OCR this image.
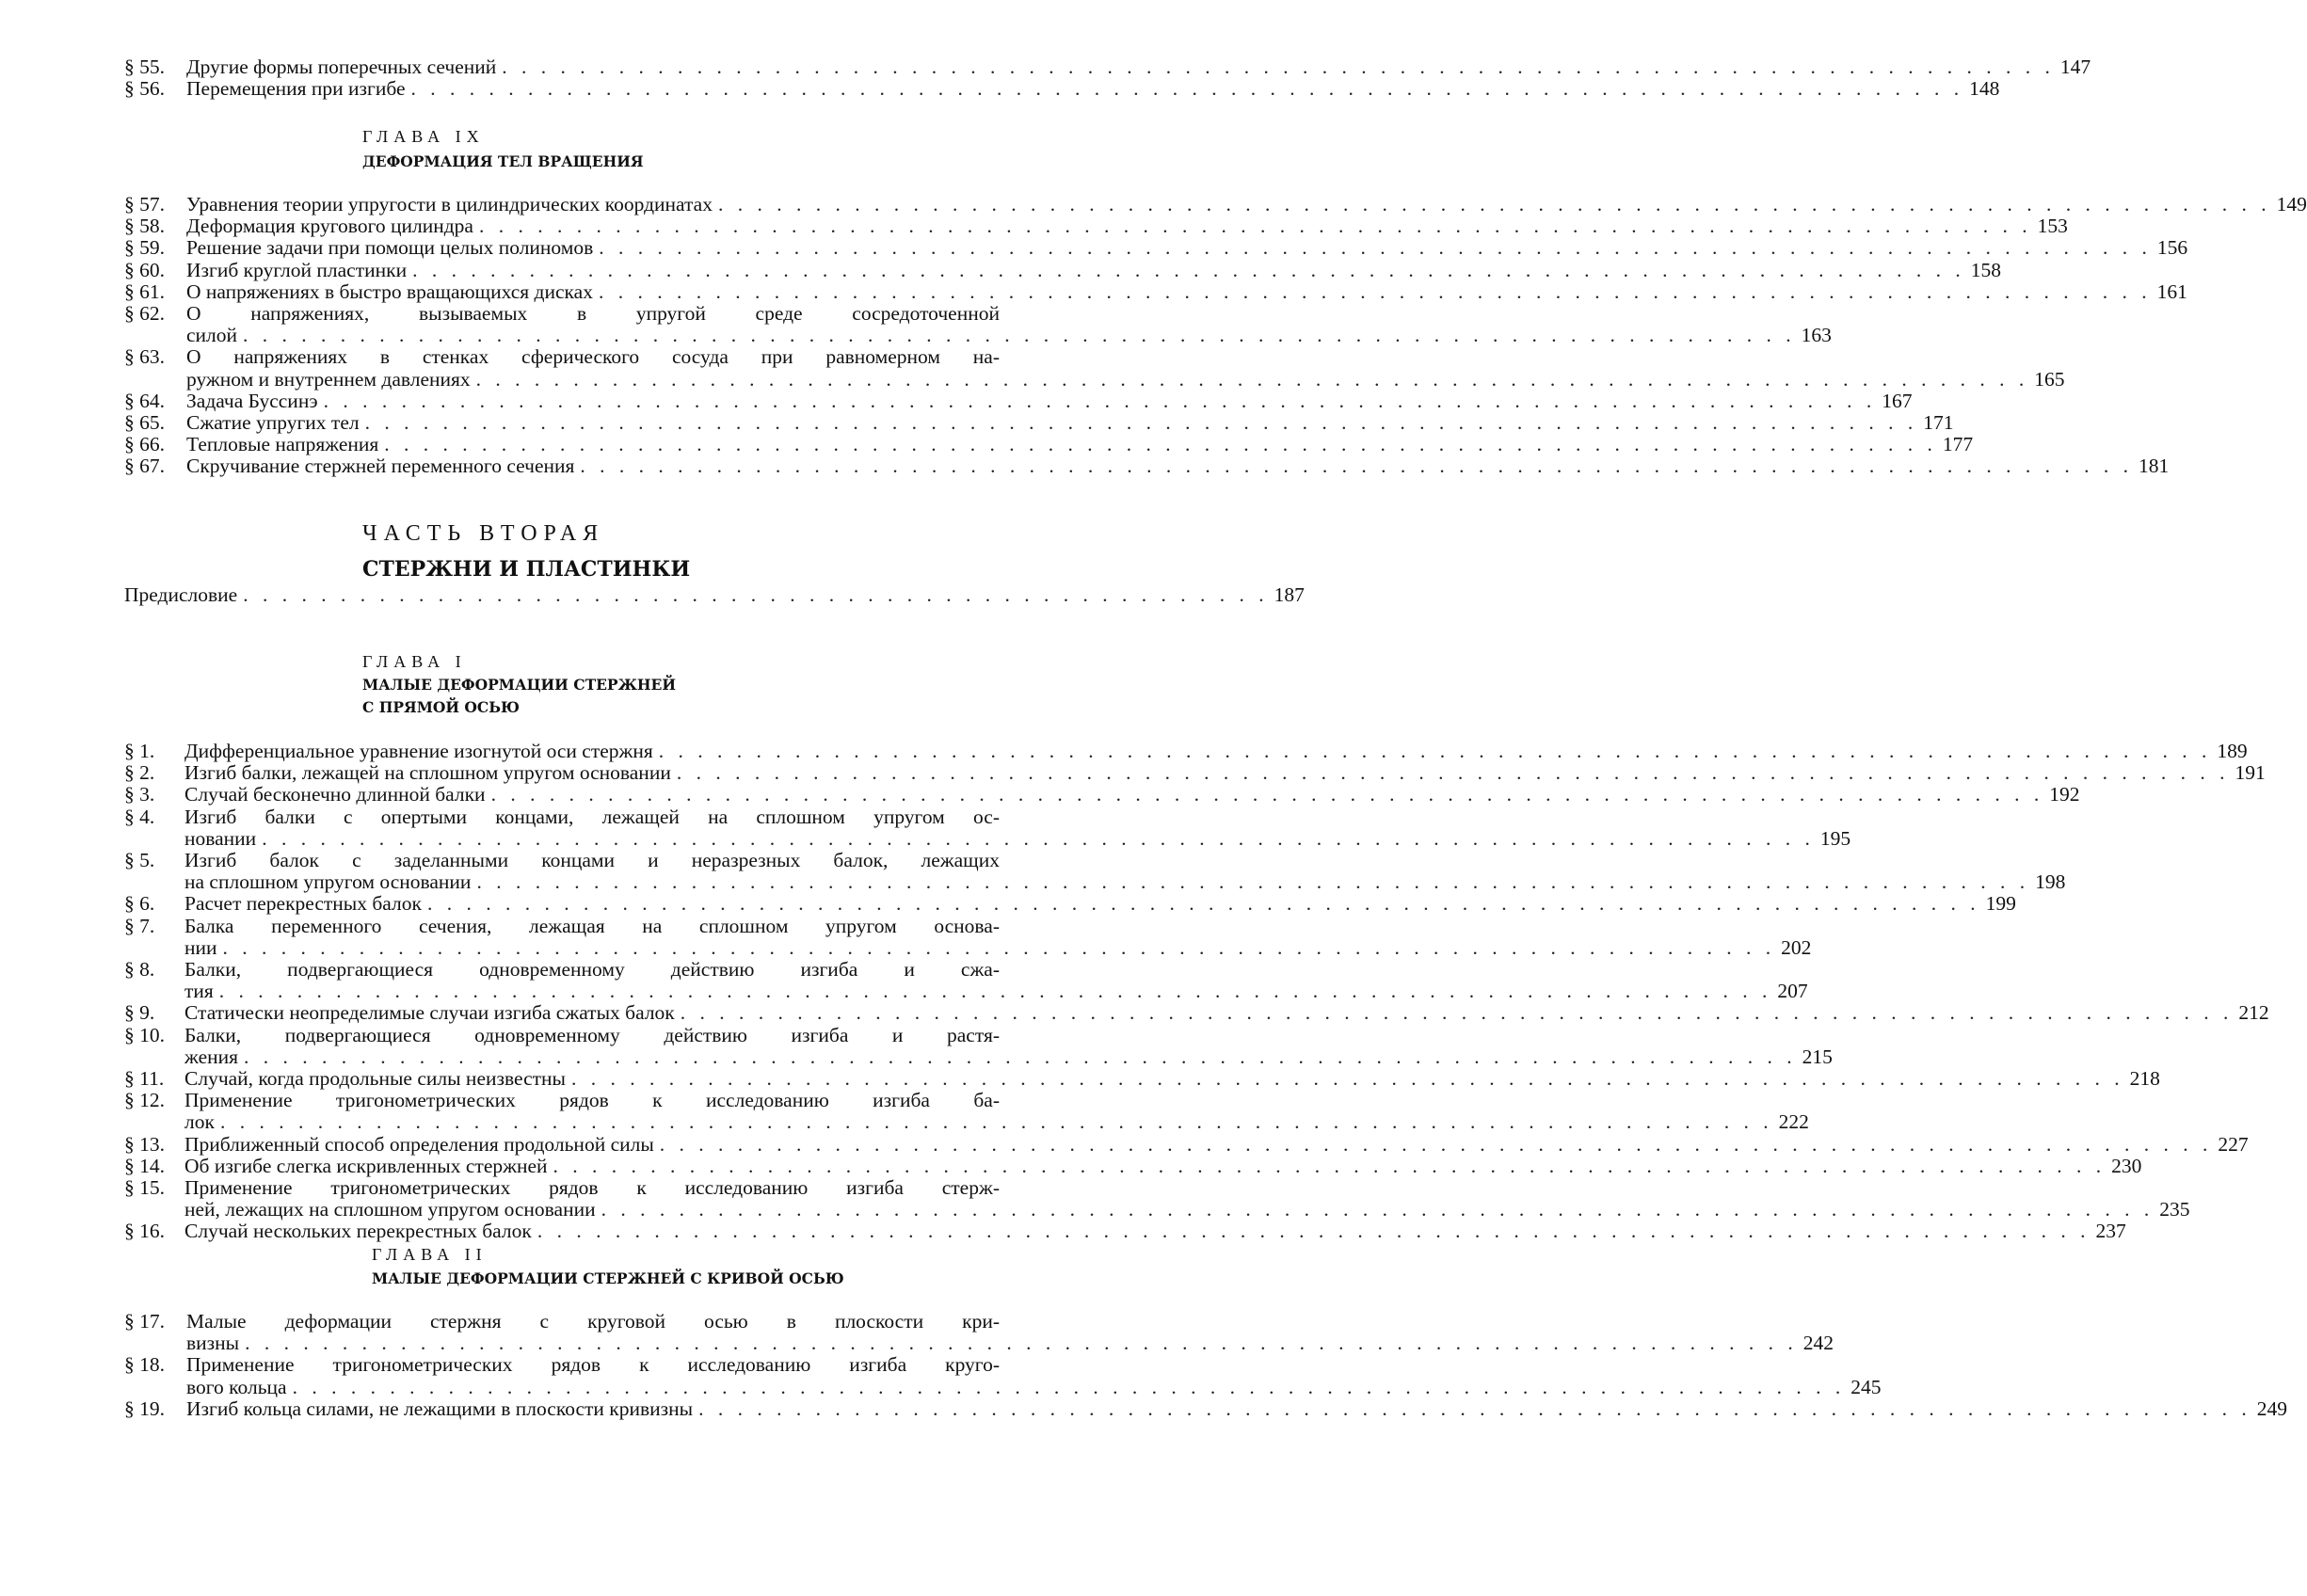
§ 55. Другие формы поперечных сечений . . . . . . . . . . . . . . . . . . . . . . . . . . . . . . . . . . . . . . . . . . . . . . . . . . . . . . . . . . . . . . . . . . . . . . . . . . . . . . . . 147
§ 56. Перемещения при изгибе . . . . . . . . . . . . . . . . . . . . . . . . . . . . . . . . . . . . . . . . . . . . . . . . . . . . . . . . . . . . . . . . . . . . . . . . . . . . . . . . 148
ГЛАВА IX
ДЕФОРМАЦИЯ ТЕЛ ВРАЩЕНИЯ
§ 57. Уравнения теории упругости в цилиндрических координатах . . . . . . . . . . . . . . . . . . . . . . . . . . . . . . . . . . . . . . . . . . . . . . . . . . . . . . . . . . . . . . . . . . . . . . . . . . . . . . . . 149
§ 58. Деформация кругового цилиндра . . . . . . . . . . . . . . . . . . . . . . . . . . . . . . . . . . . . . . . . . . . . . . . . . . . . . . . . . . . . . . . . . . . . . . . . . . . . . . . . 153
§ 59. Решение задачи при помощи целых полиномов . . . . . . . . . . . . . . . . . . . . . . . . . . . . . . . . . . . . . . . . . . . . . . . . . . . . . . . . . . . . . . . . . . . . . . . . . . . . . . . . 156
§ 60. Изгиб круглой пластинки . . . . . . . . . . . . . . . . . . . . . . . . . . . . . . . . . . . . . . . . . . . . . . . . . . . . . . . . . . . . . . . . . . . . . . . . . . . . . . . . 158
§ 61. О напряжениях в быстро вращающихся дисках . . . . . . . . . . . . . . . . . . . . . . . . . . . . . . . . . . . . . . . . . . . . . . . . . . . . . . . . . . . . . . . . . . . . . . . . . . . . . . . . 161
§ 62. О напряжениях, вызываемых в упругой среде сосредоточенной
силой . . . . . . . . . . . . . . . . . . . . . . . . . . . . . . . . . . . . . . . . . . . . . . . . . . . . . . . . . . . . . . . . . . . . . . . . . . . . . . . . 163
§ 63. О напряжениях в стенках сферического сосуда при равномерном на-
ружном и внутреннем давлениях . . . . . . . . . . . . . . . . . . . . . . . . . . . . . . . . . . . . . . . . . . . . . . . . . . . . . . . . . . . . . . . . . . . . . . . . . . . . . . . . 165
§ 64. Задача Буссинэ . . . . . . . . . . . . . . . . . . . . . . . . . . . . . . . . . . . . . . . . . . . . . . . . . . . . . . . . . . . . . . . . . . . . . . . . . . . . . . . . 167
§ 65. Сжатие упругих тел . . . . . . . . . . . . . . . . . . . . . . . . . . . . . . . . . . . . . . . . . . . . . . . . . . . . . . . . . . . . . . . . . . . . . . . . . . . . . . . . 171
§ 66. Тепловые напряжения . . . . . . . . . . . . . . . . . . . . . . . . . . . . . . . . . . . . . . . . . . . . . . . . . . . . . . . . . . . . . . . . . . . . . . . . . . . . . . . . 177
§ 67. Скручивание стержней переменного сечения . . . . . . . . . . . . . . . . . . . . . . . . . . . . . . . . . . . . . . . . . . . . . . . . . . . . . . . . . . . . . . . . . . . . . . . . . . . . . . . . 181
ЧАСТЬ ВТОРАЯ
СТЕРЖНИ И ПЛАСТИНКИ
Предисловие . . . . . . . . . . . . . . . . . . . . . . . . . . . . . . . . . . . . . . . . . . . . . . . . . . . . . 187
ГЛАВА I
МАЛЫЕ ДЕФОРМАЦИИ СТЕРЖНЕЙ
С ПРЯМОЙ ОСЬЮ
§ 1. Дифференциальное уравнение изогнутой оси стержня . . . . . . . . . . . . . . . . . . . . . . . . . . . . . . . . . . . . . . . . . . . . . . . . . . . . . . . . . . . . . . . . . . . . . . . . . . . . . . . . 189
§ 2. Изгиб балки, лежащей на сплошном упругом основании . . . . . . . . . . . . . . . . . . . . . . . . . . . . . . . . . . . . . . . . . . . . . . . . . . . . . . . . . . . . . . . . . . . . . . . . . . . . . . . . 191
§ 3. Случай бесконечно длинной балки . . . . . . . . . . . . . . . . . . . . . . . . . . . . . . . . . . . . . . . . . . . . . . . . . . . . . . . . . . . . . . . . . . . . . . . . . . . . . . . . 192
§ 4. Изгиб балки с опертыми концами, лежащей на сплошном упругом ос-
новании . . . . . . . . . . . . . . . . . . . . . . . . . . . . . . . . . . . . . . . . . . . . . . . . . . . . . . . . . . . . . . . . . . . . . . . . . . . . . . . . 195
§ 5. Изгиб балок с заделанными концами и неразрезных балок, лежащих
на сплошном упругом основании . . . . . . . . . . . . . . . . . . . . . . . . . . . . . . . . . . . . . . . . . . . . . . . . . . . . . . . . . . . . . . . . . . . . . . . . . . . . . . . . 198
§ 6. Расчет перекрестных балок . . . . . . . . . . . . . . . . . . . . . . . . . . . . . . . . . . . . . . . . . . . . . . . . . . . . . . . . . . . . . . . . . . . . . . . . . . . . . . . . 199
§ 7. Балка переменного сечения, лежащая на сплошном упругом основа-
нии . . . . . . . . . . . . . . . . . . . . . . . . . . . . . . . . . . . . . . . . . . . . . . . . . . . . . . . . . . . . . . . . . . . . . . . . . . . . . . . . 202
§ 8. Балки, подвергающиеся одновременному действию изгиба и сжа-
тия . . . . . . . . . . . . . . . . . . . . . . . . . . . . . . . . . . . . . . . . . . . . . . . . . . . . . . . . . . . . . . . . . . . . . . . . . . . . . . . . 207
§ 9. Статически неопределимые случаи изгиба сжатых балок . . . . . . . . . . . . . . . . . . . . . . . . . . . . . . . . . . . . . . . . . . . . . . . . . . . . . . . . . . . . . . . . . . . . . . . . . . . . . . . . 212
§ 10. Балки, подвергающиеся одновременному действию изгиба и растя-
жения . . . . . . . . . . . . . . . . . . . . . . . . . . . . . . . . . . . . . . . . . . . . . . . . . . . . . . . . . . . . . . . . . . . . . . . . . . . . . . . . 215
§ 11. Случай, когда продольные силы неизвестны . . . . . . . . . . . . . . . . . . . . . . . . . . . . . . . . . . . . . . . . . . . . . . . . . . . . . . . . . . . . . . . . . . . . . . . . . . . . . . . . 218
§ 12. Применение тригонометрических рядов к исследованию изгиба ба-
лок . . . . . . . . . . . . . . . . . . . . . . . . . . . . . . . . . . . . . . . . . . . . . . . . . . . . . . . . . . . . . . . . . . . . . . . . . . . . . . . . 222
§ 13. Приближенный способ определения продольной силы . . . . . . . . . . . . . . . . . . . . . . . . . . . . . . . . . . . . . . . . . . . . . . . . . . . . . . . . . . . . . . . . . . . . . . . . . . . . . . . . 227
§ 14. Об изгибе слегка искривленных стержней . . . . . . . . . . . . . . . . . . . . . . . . . . . . . . . . . . . . . . . . . . . . . . . . . . . . . . . . . . . . . . . . . . . . . . . . . . . . . . . . 230
§ 15. Применение тригонометрических рядов к исследованию изгиба стерж-
ней, лежащих на сплошном упругом основании . . . . . . . . . . . . . . . . . . . . . . . . . . . . . . . . . . . . . . . . . . . . . . . . . . . . . . . . . . . . . . . . . . . . . . . . . . . . . . . . 235
§ 16. Случай нескольких перекрестных балок . . . . . . . . . . . . . . . . . . . . . . . . . . . . . . . . . . . . . . . . . . . . . . . . . . . . . . . . . . . . . . . . . . . . . . . . . . . . . . . . 237
ГЛАВА II
МАЛЫЕ ДЕФОРМАЦИИ СТЕРЖНЕЙ С КРИВОЙ ОСЬЮ
§ 17. Малые деформации стержня с круговой осью в плоскости кри-
визны . . . . . . . . . . . . . . . . . . . . . . . . . . . . . . . . . . . . . . . . . . . . . . . . . . . . . . . . . . . . . . . . . . . . . . . . . . . . . . . . 242
§ 18. Применение тригонометрических рядов к исследованию изгиба круго-
вого кольца . . . . . . . . . . . . . . . . . . . . . . . . . . . . . . . . . . . . . . . . . . . . . . . . . . . . . . . . . . . . . . . . . . . . . . . . . . . . . . . . 245
§ 19. Изгиб кольца силами, не лежащими в плоскости кривизны . . . . . . . . . . . . . . . . . . . . . . . . . . . . . . . . . . . . . . . . . . . . . . . . . . . . . . . . . . . . . . . . . . . . . . . . . . . . . . . . 249
